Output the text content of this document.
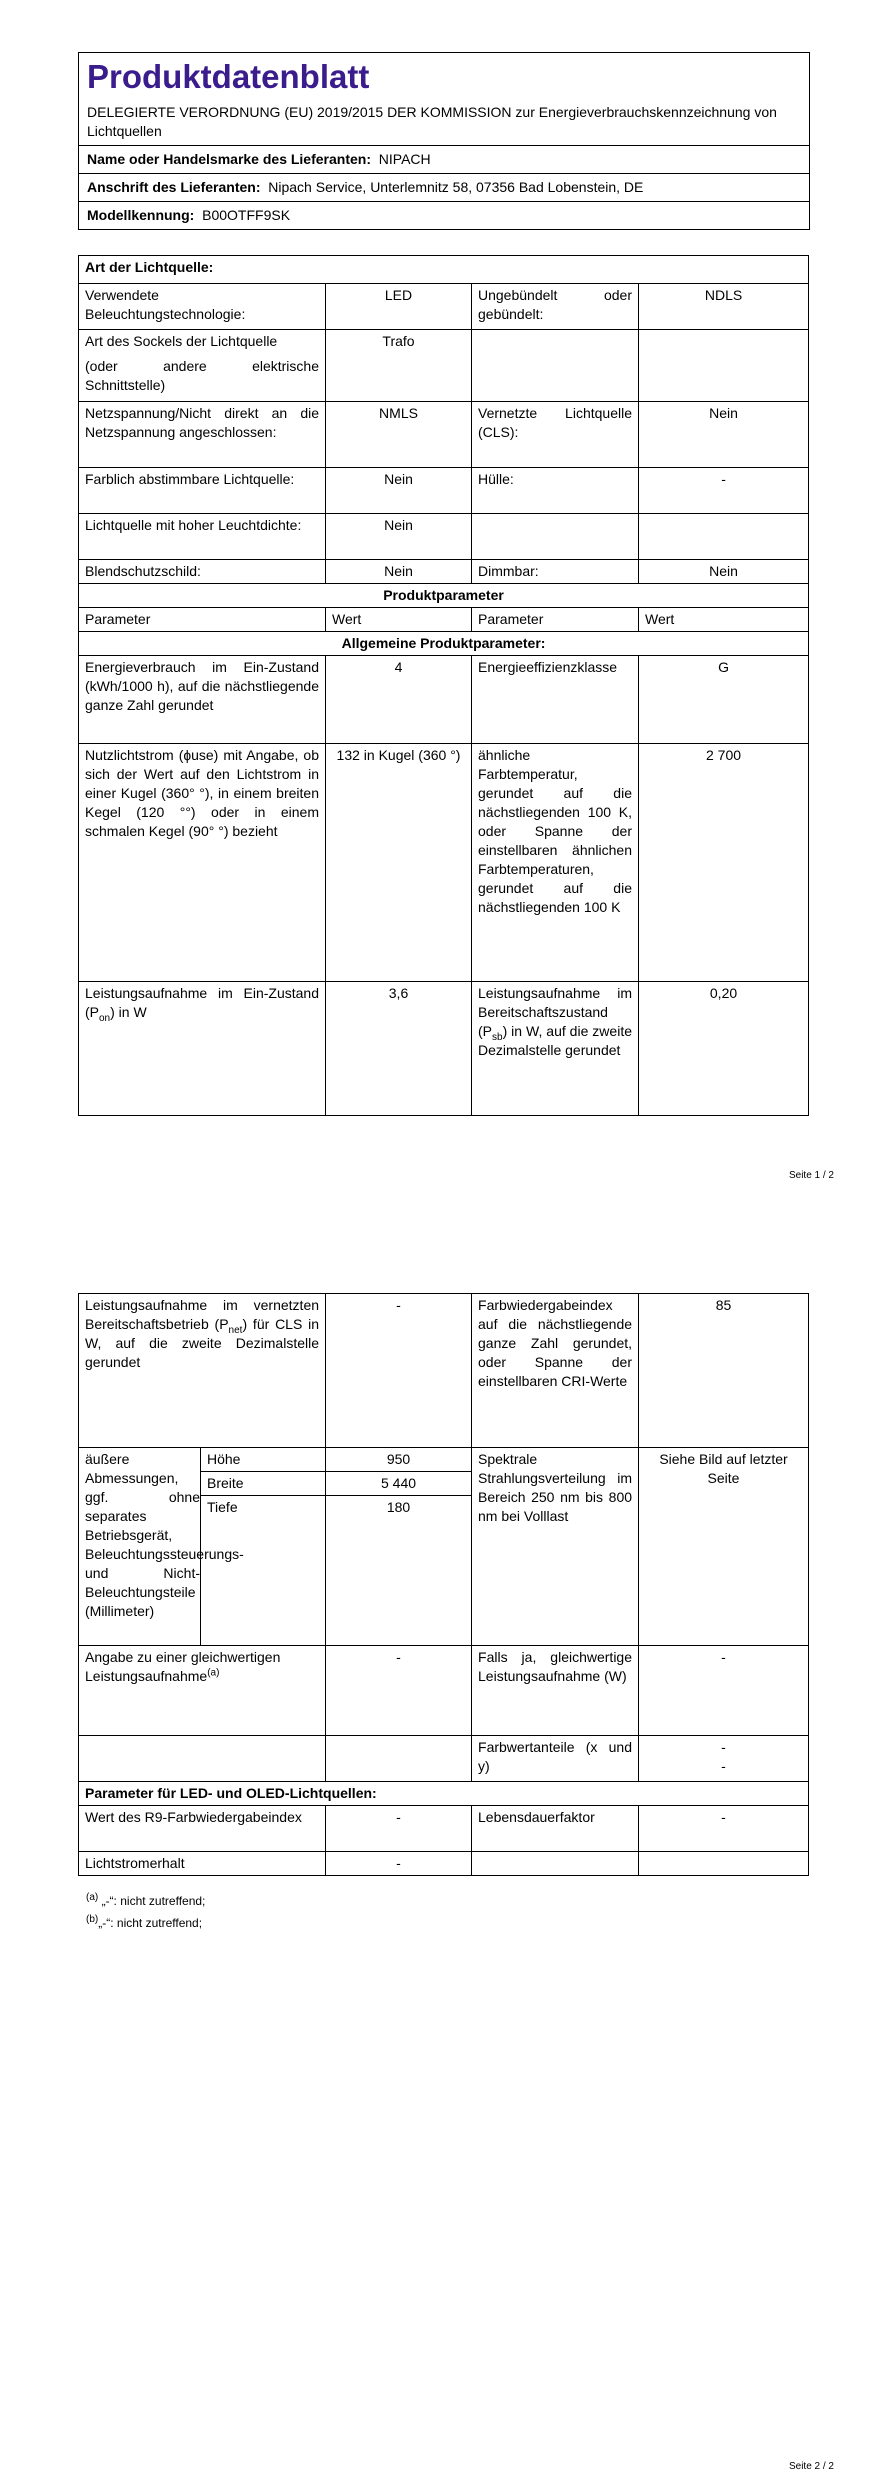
Produktdatenblatt
DELEGIERTE VERORDNUNG (EU) 2019/2015 DER KOMMISSION zur Energieverbrauchskennzeichnung von Lichtquellen
Name oder Handelsmarke des Lieferanten: NIPACH
Anschrift des Lieferanten: Nipach Service, Unterlemnitz 58, 07356 Bad Lobenstein, DE
Modellkennung: B00OTFF9SK
Art der Lichtquelle:			
Verwendete Beleuchtungstechnologie:	LED	Ungebündelt oder gebündelt:	NDLS

Art des Sockels der Lichtquelle
(oder andere elektrische Schnittstelle)	Trafo		
Netzspannung/Nicht direkt an die Netzspannung angeschlossen:	NMLS	Vernetzte Lichtquelle (CLS):	Nein
Farblich abstimmbare Lichtquelle:	Nein	Hülle:	-
Lichtquelle mit hoher Leuchtdichte:	Nein		
Blendschutzschild:	Nein	Dimmbar:	Nein
Produktparameter			
Parameter	Wert	Parameter	Wert
Allgemeine Produktparameter:			
Energieverbrauch im Ein-Zustand (kWh/1000 h), auf die nächstliegende ganze Zahl gerundet	4	Energieeffizienzklasse	G
Nutzlichtstrom (ɸuse) mit Angabe, ob sich der Wert auf den Lichtstrom in einer Kugel (360° °), in einem breiten Kegel (120 °°) oder in einem schmalen Kegel (90° °) bezieht	132 in Kugel (360 °)	ähnliche Farbtemperatur, gerundet auf die nächstliegenden 100 K, oder Spanne der einstellbaren ähnlichen Farbtemperaturen, gerundet auf die nächstliegenden 100 K	2 700
Leistungsaufnahme im Ein-Zustand $(P_{on})$ in W	3,6	Leistungsaufnahme im Bereitschaftszustand $(P_{sb})$ in W, auf die zweite Dezimalstelle gerundet	0,20
Seite 1 / 2
Leistungsaufnahme im vernetzten Bereitschaftsbetrieb $(P_{net})$ für CLS in W, auf die zweite Dezimalstelle gerundet		-	Farbwiedergabeindex auf die nächstliegende ganze Zahl gerundet, oder Spanne der einstellbaren CRI-Werte	85
äußere Abmessungen, ggf. ohne separates Betriebsgerät, Beleuchtungssteuerungs- und Nicht-Beleuchtungsteile (Millimeter)	Höhe	950	Spektrale Strahlungsverteilung im Bereich 250 nm bis 800 nm bei Volllast	Siehe Bild auf letzter Seite
	Breite	5 440		
	Tiefe	180		
Angabe zu einer gleichwertigen Leistungsaufnahme$^{(a)}$		-	Falls ja, gleichwertige Leistungsaufnahme (W)	-
			Farbwertanteile (x und y)	-
-

Parameter für LED- und OLED-Lichtquellen:				
Wert des R9-Farbwiedergabeindex		-	Lebensdauerfaktor	-
Lichtstromerhalt		-		
$^{(a)}$ „-“: nicht zutreffend;
$^{(b)}$„-“: nicht zutreffend;
Seite 2 / 2
